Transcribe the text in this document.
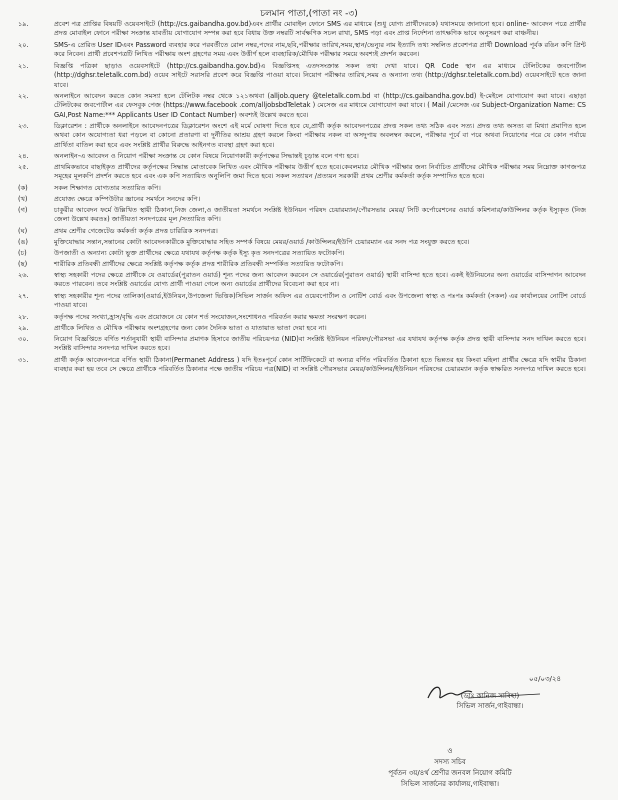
চলমান পাতা,(পাতা নং -৩)
১৯.	প্রবেশ পত্র প্রাপ্তির বিষয়টি ওয়েবসাইটে (http://cs.gaibandha.gov.bd)এবং প্রার্থীর মোবাইল ফোনে SMS এর মাধ্যমে (শুধু যোগ্য প্রার্থীদেরকে) যথাসময়ে জানানো হবে। online- আবেদন পত্রে প্রার্থীর প্রদত্ত মোবাইল ফোনে পরীক্ষা সংক্রান্ত যাবতীয় যোগাযোগ সম্পন্ন করা হবে বিধায় উক্ত নম্বরটি সার্বক্ষণিক সচল রাখা, SMS পড়া এবং প্রাপ্ত নির্দেশনা তাৎক্ষণিক ভাবে অনুসরণ করা বাঞ্চনীয়।
২০.	SMS-এ প্রেরিত User IDএবং Password ব্যবহার করে পরবর্তীতে রোল নম্বর,পদের নাম,ছবি,পরীক্ষার তারিখ,সময়,স্থান/ভেন্যুর নাম ইত্যাদি তথ্য সম্বলিত প্রবেশপত্র প্রার্থী Download পূর্বক রঙিন কপি প্রিন্ট করে নিবেন। প্রার্থী প্রবেশপত্রটি লিখিত পরীক্ষায় অংশ গ্রহণের সময় এবং উত্তীর্ণ হলে ব্যবহারিক/মৌখিক পরীক্ষার সময়ে অবশ্যই প্রদর্শন করবেন।
২১.	বিজ্ঞপ্তি পত্রিকা ছাড়াও ওয়েবসাইটে (http://cs.gaibandha.gov.bd)এ বিজ্ঞপ্তিসহ এতদসংক্রান্ত সকল তথ্য দেখা যাবে। QR Code স্থান এর মাধ্যমে টেলিটকের জবপোর্টাল (http://dghsr.teletalk.com.bd) ওয়েব সাইটে সরাসরি প্রবেশ করে বিজ্ঞপ্তি পাওয়া যাবে। নিয়োগ পরীক্ষার তারিখ,সময় ও অন্যান্য তথ্য (http://dghsr.teletalk.com.bd) ওয়েবসাইটে হতে জানা যাবে।
২২.	অনলাইনে আবেদন করতে কোন সমস্যা হলে টেলিটক নম্বর থেকে ১২১অথবা (alljob.query @teletalk.com.bd বা (http://cs.gaibandha.gov.bd) ই-মেইলে যোগাযোগ করা যাবে। এছাড়া টেলিটকের জবপোর্টাল এর ফেসবুক পেজ (https://www.facebook .com/alljobsbdTeletak ) মেসেজ এর মাধ্যমে যোগাযোগ করা যাবে। ( Mail /মেসেজ এর Subject-Organization Name: CS GAI,Post Name:*** Applicants User ID Contact Number) অবশ্যই উল্লেখ করতে হবে।
২৩.	ডিক্লারেশন : প্রার্থীকে অনলাইনে আবেদনপত্রের ডিক্লারেশন অংশে এই মর্মে ঘোষণা দিতে হবে যে,প্রার্থী কর্তৃক আবেদনপত্রের প্রদত্ত সকল তথ্য সঠিক এবং সত্য। প্রদত্ত তথ্য অসত্য বা মিথ্যা প্রমাণিত হলে অথবা কোন অযোগ্যতা ধরা পড়লে বা কোনো প্রতারণা বা দুর্নীতির আশ্রয় গ্রহণ করলে কিংবা পরীক্ষায় নকল বা অসদুপায় অবলম্বন করলে, পরীক্ষার পূর্বে বা পরে অথবা নিয়োগের পরে যে কোন পর্যায়ে প্রার্থিতা বাতিল করা হবে এবং সংশ্লিষ্ট প্রার্থীর বিরুদ্ধে আইনগত ব্যবস্থা গ্রহণ করা হবে।
২৪.	অনলাইন-এ আবেদন ও নিয়োগ পরীক্ষা সংক্রান্ত যে কোন বিষয়ে নিয়োগকারী কর্তৃপক্ষের সিদ্ধান্তই চূড়ান্ত বলে গণ্য হবে।
২৫.	প্রাথমিকভাবে বাছাইকৃত প্রার্থীদের কর্তৃপক্ষের সিদ্ধান্ত মোতাবেক লিখিত এবং মৌখিক পরীক্ষায় উত্তীর্ণ হতে হবে।কেবলমাত্র মৌখিক পরীক্ষার জন্য নির্বাচিত প্রার্থীদের মৌখিক পরীক্ষার সময় নিম্নোক্ত কাগজপত্র সমূহের মূলকপি প্রদর্শন করতে হবে এবং এক কপি সত্যায়িত অনুলিপি জমা দিতে হবে। সকল সত্যায়ন /প্রত্যয়ন সরকারী প্রথম শ্রেণীর কর্মকর্তা কর্তৃক সম্পাদিত হতে হবে।
(ক)	সকল শিক্ষাগত যোগ্যতার সত্যায়িত কপি।
(খ)	প্রযোজ্য ক্ষেত্রে কম্পিউটার জ্ঞানের সমর্থনে সনদের কপি।
(গ)	চাকুরীর আবেদন ফর্মে উল্লিখিত স্থায়ী ঠিকানা,নিজ জেলা,ও জাতীয়তা সমর্থনে সংশ্লিষ্ট ইউনিয়ন পরিষদ চেয়ারম্যান/পৌরসভার মেয়র/ সিটি কর্পোরেশনের ওয়ার্ড কমিশনার/কাউন্সিলর কর্তৃক ইস্যুকৃত (নিজ জেলা উল্লেখ করতঃ) জাতীয়তা সনদপত্রের মূল /সত্যায়িত কপি।
(ঘ)	প্রথম শ্রেণীর গেজেটেড কর্মকর্তা কর্তৃক প্রদত্ত চারিত্রিক সনদপত্র।
(ঙ)	মুক্তিযোদ্ধার সন্তান,সন্তানের কোটা আবেদনকারীকে মুক্তিযোদ্ধার সহিত সম্পর্ক বিষয়ে মেয়র/ওয়ার্ড /কাউন্সিলর/ইউপি চেয়ারম্যান এর সনদ পত্র সংযুক্ত করতে হবে।
(চ)	উপজাতী ও অন্যান্য কোটা ভুক্ত প্রার্থীদের ক্ষেত্রে যথাযথ কর্তৃপক্ষ কর্তৃক ইস্যু কৃত সনদপত্রের সত্যায়িত ফটোকপি।
(ছ)	শারীরিক প্রতিবন্ধী প্রার্থীদের ক্ষেত্রে সংশ্লিষ্ট কর্তৃপক্ষ কর্তৃক প্রদত্ত শারীরিক প্রতিবন্ধী সম্পর্কিত সত্যায়িত ফটোকপি।
২৬.	স্বাস্থ্য সহকারী পদের ক্ষেত্রে প্রার্থীকে যে ওয়ার্ডের(পুরাতন ওয়ার্ড) শূন্য পদের জন্য আবেদন করবেন সে ওয়ার্ডের(পুরাতন ওয়ার্ড) স্থায়ী বাসিন্দা হতে হবে। একই ইউনিয়নের অন্য ওয়ার্ডের বাসিন্দাগন আবেদন করতে পারবেন। তবে সংশ্লিষ্ট ওয়ার্ডের যোগ্য প্রার্থী পাওয়া গেলে অন্য ওয়ার্ডের প্রার্থীদের বিবেচনা করা হবে না।
২৭.	স্বাস্থ্য সহকারীর শূন্য পদের তালিকা(ওয়ার্ড,ইউনিয়ন,উপজেলা ভিত্তিক)সিভিল সার্জন অফিস এর ওয়েবপোর্টাল ও নোটিশ বোর্ড এবং উপজেলা স্বাস্থ্য ও পঃপঃ কর্মকর্তা (সকল) এর কার্যালয়ের নোটিশ বোর্ডে পাওয়া যাবে।
২৮.	কর্তৃপক্ষ পদের সংখ্যা,হ্রাস/বৃদ্ধি এবং প্রয়োজনে যে কোন শর্ত সংযোজন,সংশোধনও পরিবর্তন করার ক্ষমতা সংরক্ষণ করেন।
২৯.	প্রার্থীকে লিখিত ও মৌখিক পরীক্ষায় অংশগ্রহণের জন্য কোন দৈনিক ভাতা ও যাতায়াত ভাতা দেয়া হবে না।
৩০.	নিয়োগ বিজ্ঞপ্তিতে বর্ণিত শর্তানুযায়ী স্থায়ী বাসিন্দার প্রমাণক হিসাবে জাতীয় পরিচয়পত্র (NID)বা সংশ্লিষ্ট ইউনিয়ন পরিষদ/পৌরসভা এর যথাযথ কর্তৃপক্ষ কর্তৃক প্রদত্ত স্থায়ী বাসিন্দার সনদ দাখিল করতে হবে।সংশ্লিষ্ট বাসিন্দার সনদপত্র দাখিল করতে হবে।
৩১.	প্রার্থী কর্তৃক আবেদনপত্রে বর্ণিত স্থায়ী ঠিকানা(Permanet Address ) যদি ইতঃপূর্বে কোন সার্টিফিকেটে বা অন্যত্র বর্ণিত পরিবর্তিত ঠিকানা হতে ভিন্নতর হয় কিংবা মহিলা প্রার্থীর ক্ষেত্রে যদি স্বামীর ঠিকানা ব্যবহার করা হয় তবে সে ক্ষেত্রে প্রার্থীকে পরিবর্তিত ঠিকানার পক্ষে জাতীয় পরিচয় পত্র(NID) বা সংশ্লিষ্ট পৌরসভার মেয়র/কাউন্সিলর/ইউনিয়ন পরিষদের চেয়ারম্যান কর্তৃক স্বাক্ষরিত সনদপত্র দাখিল করতে হবে।
০৫/০৩/২৪
(ডাঃ কানিজ সাবিহা)
সিভিল সার্জন,গাইবান্ধা।
ও
সদস্য সচিব
পূর্বতন ৩য়/৪র্থ শ্রেণীর জনবল নিয়োগ কমিটি
সিভিল সার্জনের কার্যালয়,গাইবান্ধা।
